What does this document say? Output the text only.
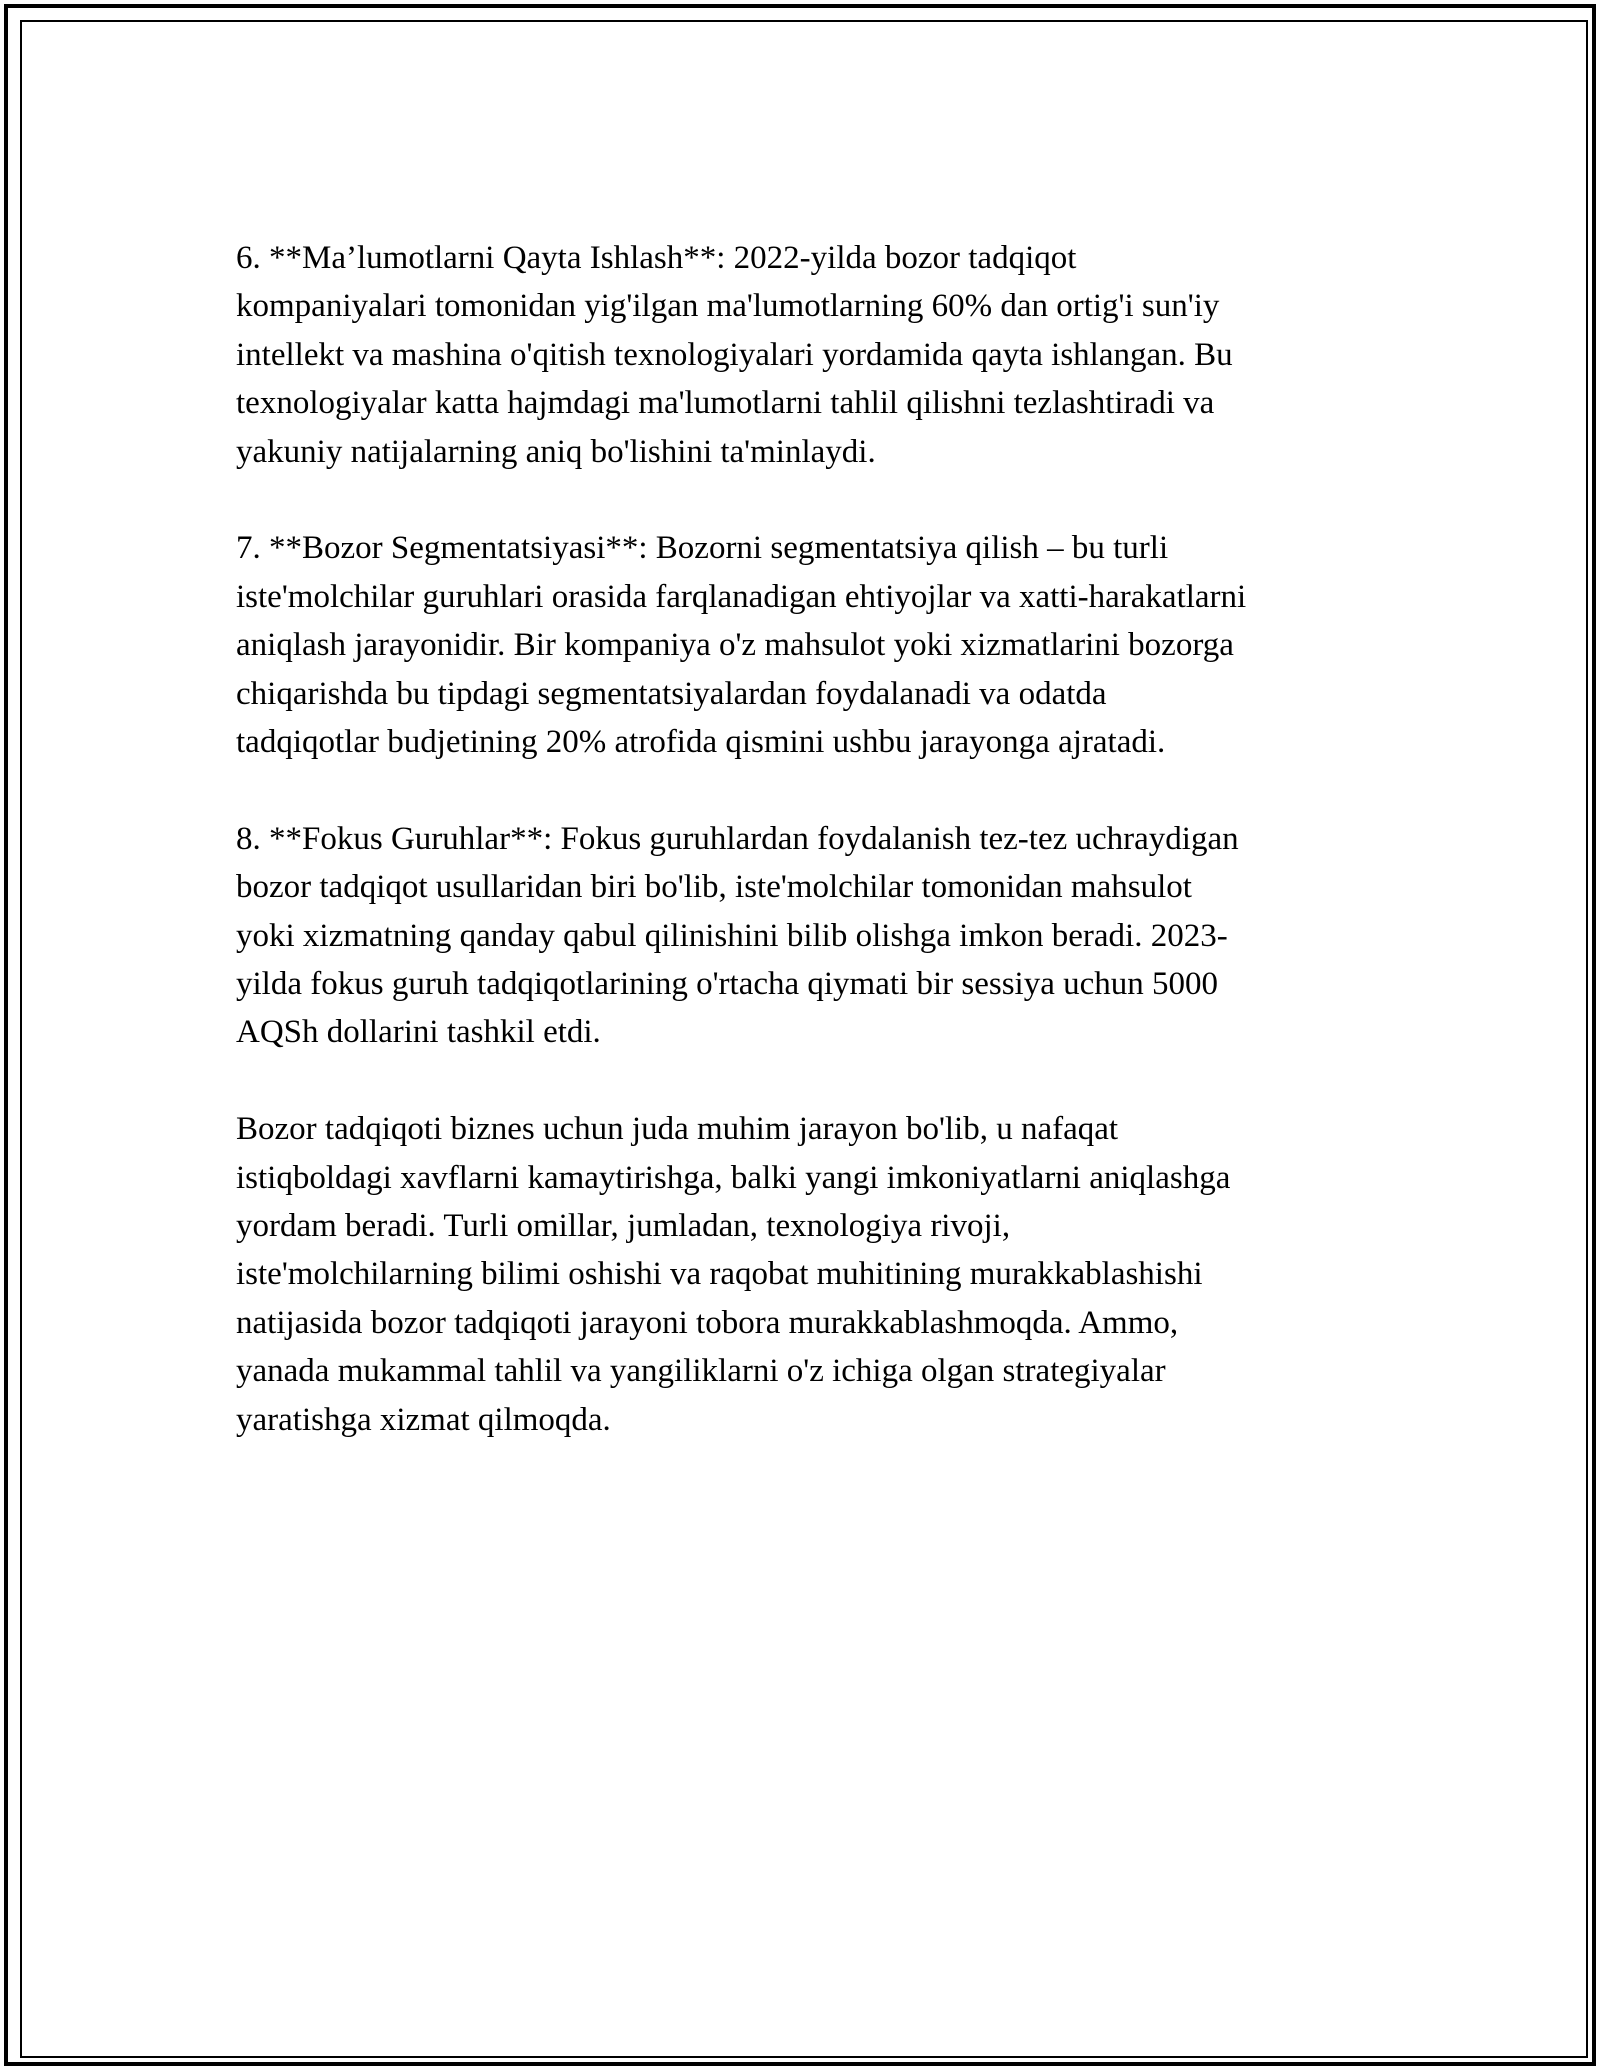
6. **Ma’lumotlarni Qayta Ishlash**: 2022-yilda bozor tadqiqot
kompaniyalari tomonidan yig'ilgan ma'lumotlarning 60% dan ortig'i sun'iy
intellekt va mashina o'qitish texnologiyalari yordamida qayta ishlangan. Bu
texnologiyalar katta hajmdagi ma'lumotlarni tahlil qilishni tezlashtiradi va
yakuniy natijalarning aniq bo'lishini ta'minlaydi.

7. **Bozor Segmentatsiyasi**: Bozorni segmentatsiya qilish – bu turli
iste'molchilar guruhlari orasida farqlanadigan ehtiyojlar va xatti-harakatlarni
aniqlash jarayonidir. Bir kompaniya o'z mahsulot yoki xizmatlarini bozorga
chiqarishda bu tipdagi segmentatsiyalardan foydalanadi va odatda
tadqiqotlar budjetining 20% atrofida qismini ushbu jarayonga ajratadi.

8. **Fokus Guruhlar**: Fokus guruhlardan foydalanish tez-tez uchraydigan
bozor tadqiqot usullaridan biri bo'lib, iste'molchilar tomonidan mahsulot
yoki xizmatning qanday qabul qilinishini bilib olishga imkon beradi. 2023-
yilda fokus guruh tadqiqotlarining o'rtacha qiymati bir sessiya uchun 5000
AQSh dollarini tashkil etdi.

Bozor tadqiqoti biznes uchun juda muhim jarayon bo'lib, u nafaqat
istiqboldagi xavflarni kamaytirishga, balki yangi imkoniyatlarni aniqlashga
yordam beradi. Turli omillar, jumladan, texnologiya rivoji,
iste'molchilarning bilimi oshishi va raqobat muhitining murakkablashishi
natijasida bozor tadqiqoti jarayoni tobora murakkablashmoqda. Ammo,
yanada mukammal tahlil va yangiliklarni o'z ichiga olgan strategiyalar
yaratishga xizmat qilmoqda.
